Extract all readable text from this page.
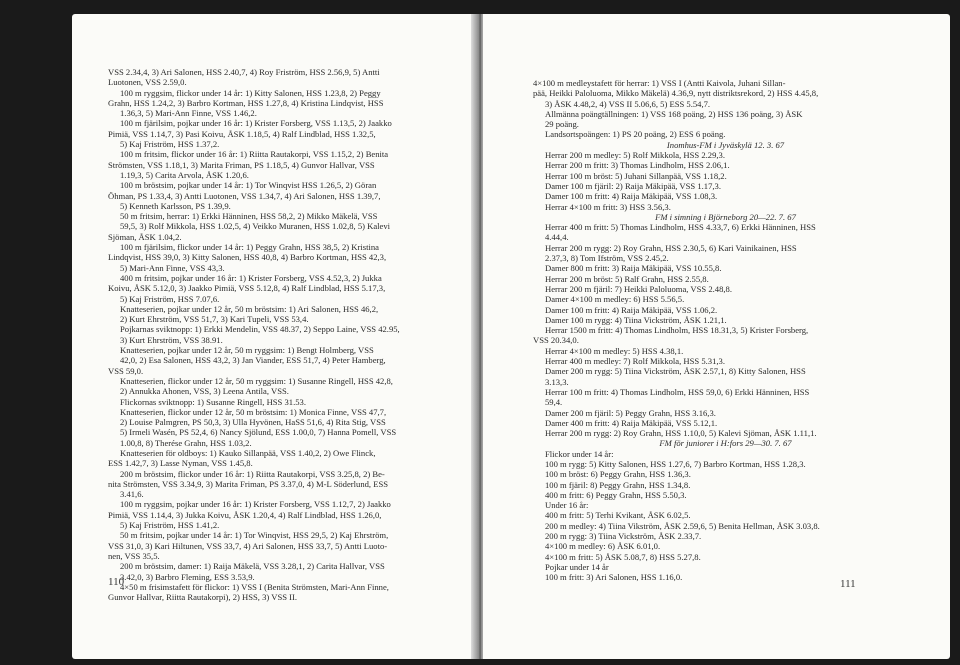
VSS 2.34,4, 3) Ari Salonen, HSS 2.40,7, 4) Roy Friström, HSS 2.56,9, 5) Antti
Luotonen, VSS 2.59,0.
100 m ryggsim, flickor under 14 år: 1) Kitty Salonen, HSS 1.23,8, 2) Peggy
Grahn, HSS 1.24,2, 3) Barbro Kortman, HSS 1.27,8, 4) Kristina Lindqvist, HSS
1.36,3, 5) Mari-Ann Finne, VSS 1.46,2.
100 m fjärilsim, pojkar under 16 år: 1) Krister Forsberg, VSS 1.13,5, 2) Jaakko
Pimiä, VSS 1.14,7, 3) Pasi Koivu, ÅSK 1.18,5, 4) Ralf Lindblad, HSS 1.32,5,
5) Kaj Friström, HSS 1.37,2.
100 m fritsim, flickor under 16 år: 1) Riitta Rautakorpi, VSS 1.15,2, 2) Benita
Strömsten, VSS 1.18,1, 3) Marita Friman, PS 1.18,5, 4) Gunvor Hallvar, VSS
1.19,3, 5) Carita Arvola, ÅSK 1.20,6.
100 m bröstsim, pojkar under 14 år: 1) Tor Winqvist HSS 1.26,5, 2) Göran
Öhman, PS 1.33,4, 3) Antti Luotonen, VSS 1.34,7, 4) Ari Salonen, HSS 1.39,7,
5) Kenneth Karlsson, PS 1.39,9.
50 m fritsim, herrar: 1) Erkki Hänninen, HSS 58,2, 2) Mikko Mäkelä, VSS
59,5, 3) Rolf Mikkola, HSS 1.02,5, 4) Veikko Muranen, HSS 1.02,8, 5) Kalevi
Sjöman, ÅSK 1.04,2.
100 m fjärilsim, flickor under 14 år: 1) Peggy Grahn, HSS 38,5, 2) Kristina
Lindqvist, HSS 39,0, 3) Kitty Salonen, HSS 40,8, 4) Barbro Kortman, HSS 42,3,
5) Mari-Ann Finne, VSS 43,3.
400 m fritsim, pojkar under 16 år: 1) Krister Forsberg, VSS 4.52,3, 2) Jukka
Koivu, ÅSK 5.12,0, 3) Jaakko Pimiä, VSS 5.12,8, 4) Ralf Lindblad, HSS 5.17,3,
5) Kaj Friström, HSS 7.07,6.
Knatteserien, pojkar under 12 år, 50 m bröstsim: 1) Ari Salonen, HSS 46,2,
2) Kurt Ehrström, VSS 51,7, 3) Kari Tupeli, VSS 53,4.
Pojkarnas sviktnopp: 1) Erkki Mendelin, VSS 48.37, 2) Seppo Laine, VSS 42.95,
3) Kurt Ehrström, VSS 38.91.
Knatteserien, pojkar under 12 år, 50 m ryggsim: 1) Bengt Holmberg, VSS
42,0, 2) Esa Salonen, HSS 43,2, 3) Jan Viander, ESS 51,7, 4) Peter Hamberg,
VSS 59,0.
Knatteserien, flickor under 12 år, 50 m ryggsim: 1) Susanne Ringell, HSS 42,8,
2) Annukka Ahonen, VSS, 3) Leena Antila, VSS.
Flickornas sviktnopp: 1) Susanne Ringell, HSS 31.53.
Knatteserien, flickor under 12 år, 50 m bröstsim: 1) Monica Finne, VSS 47,7,
2) Louise Palmgren, PS 50,3, 3) Ulla Hyvönen, HaSS 51,6, 4) Rita Stig, VSS
5) Irmeli Wasén, PS 52,4, 6) Nancy Sjölund, ESS 1.00,0, 7) Hanna Pomell, VSS
1.00,8, 8) Therése Grahn, HSS 1.03,2.
Knatteserien för oldboys: 1) Kauko Sillanpää, VSS 1.40,2, 2) Owe Flinck,
ESS 1.42,7, 3) Lasse Nyman, VSS 1.45,8.
200 m bröstsim, flickor under 16 år: 1) Riitta Rautakorpi, VSS 3.25,8, 2) Be-
nita Strömsten, VSS 3.34,9, 3) Marita Friman, PS 3.37,0, 4) M-L Söderlund, ESS
3.41,6.
100 m ryggsim, pojkar under 16 år: 1) Krister Forsberg, VSS 1.12,7, 2) Jaakko
Pimiä, VSS 1.14,4, 3) Jukka Koivu, ÅSK 1.20,4, 4) Ralf Lindblad, HSS 1.26,0,
5) Kaj Friström, HSS 1.41,2.
50 m fritsim, pojkar under 14 år: 1) Tor Winqvist, HSS 29,5, 2) Kaj Ehrström,
VSS 31,0, 3) Kari Hiltunen, VSS 33,7, 4) Ari Salonen, HSS 33,7, 5) Antti Luoto-
nen, VSS 35,5.
200 m bröstsim, damer: 1) Raija Mäkelä, VSS 3.28,1, 2) Carita Hallvar, VSS
3.42,0, 3) Barbro Fleming, ESS 3.53,9.
4×50 m frisimstafett för flickor: 1) VSS I (Benita Strömsten, Mari-Ann Finne,
Gunvor Hallvar, Riitta Rautakorpi), 2) HSS, 3) VSS II.
110
4×100 m medleystafett för herrar: 1) VSS I (Antti Kaivola, Juhani Sillan-
pää, Heikki Paloluoma, Mikko Mäkelä) 4.36,9, nytt distriktsrekord, 2) HSS 4.45,8,
3) ÅSK 4.48,2, 4) VSS II 5.06,6, 5) ESS 5.54,7.
Allmänna poängtällningen: 1) VSS 168 poäng, 2) HSS 136 poäng, 3) ÅSK
29 poäng.
Landsortspoängen: 1) PS 20 poäng, 2) ESS 6 poäng.
Inomhus-FM i Jyväskylä 12. 3. 67
Herrar 200 m medley: 5) Rolf Mikkola, HSS 2.29,3.
Herrar 200 m fritt: 3) Thomas Lindholm, HSS 2.06,1.
Herrar 100 m bröst: 5) Juhani Sillanpää, VSS 1.18,2.
Damer 100 m fjäril: 2) Raija Mäkipää, VSS 1.17,3.
Damer 100 m fritt: 4) Raija Mäkipää, VSS 1.08,3.
Herrar 4×100 m fritt: 3) HSS 3.56,3.
FM i simning i Björneborg 20—22. 7. 67
Herrar 400 m fritt: 5) Thomas Lindholm, HSS 4.33,7, 6) Erkki Hänninen, HSS
4.44,4.
Herrar 200 m rygg: 2) Roy Grahn, HSS 2.30,5, 6) Kari Vainikainen, HSS
2.37,3, 8) Tom Ifström, VSS 2.45,2.
Damer 800 m fritt: 3) Raija Mäkipää, VSS 10.55,8.
Herrar 200 m bröst: 5) Ralf Grahn, HSS 2.55,8.
Herrar 200 m fjäril: 7) Heikki Paloluoma, VSS 2.48,8.
Damer 4×100 m medley: 6) HSS 5.56,5.
Damer 100 m fritt: 4) Raija Mäkipää, VSS 1.06,2.
Damer 100 m rygg: 4) Tiina Vickström, ÅSK 1.21,1.
Herrar 1500 m fritt: 4) Thomas Lindholm, HSS 18.31,3, 5) Krister Forsberg,
VSS 20.34,0.
Herrar 4×100 m medley: 5) HSS 4.38,1.
Herrar 400 m medley: 7) Rolf Mikkola, HSS 5.31,3.
Damer 200 m rygg: 5) Tiina Vickström, ÅSK 2.57,1, 8) Kitty Salonen, HSS
3.13,3.
Herrar 100 m fritt: 4) Thomas Lindholm, HSS 59,0, 6) Erkki Hänninen, HSS
59,4.
Damer 200 m fjäril: 5) Peggy Grahn, HSS 3.16,3.
Damer 400 m fritt: 4) Raija Mäkipää, VSS 5.12,1.
Herrar 200 m rygg: 2) Roy Grahn, HSS 1.10,0, 5) Kalevi Sjöman, ÅSK 1.11,1.
FM för juniorer i H:fors 29—30. 7. 67
Flickor under 14 år:
100 m rygg: 5) Kitty Salonen, HSS 1.27,6, 7) Barbro Kortman, HSS 1.28,3.
100 m bröst: 6) Peggy Grahn, HSS 1.36,3.
100 m fjäril: 8) Peggy Grahn, HSS 1.34,8.
400 m fritt: 6) Peggy Grahn, HSS 5.50,3.
Under 16 år:
400 m fritt: 5) Terhi Kvikant, ÅSK 6.02,5.
200 m medley: 4) Tiina Vikström, ÅSK 2.59,6, 5) Benita Hellman, ÅSK 3.03,8.
200 m rygg: 3) Tiina Vickström, ÅSK 2.33,7.
4×100 m medley: 6) ÅSK 6.01,0.
4×100 m fritt: 5) ÅSK 5.08,7, 8) HSS 5.27,8.
Pojkar under 14 år
100 m fritt: 3) Ari Salonen, HSS 1.16,0.
111
